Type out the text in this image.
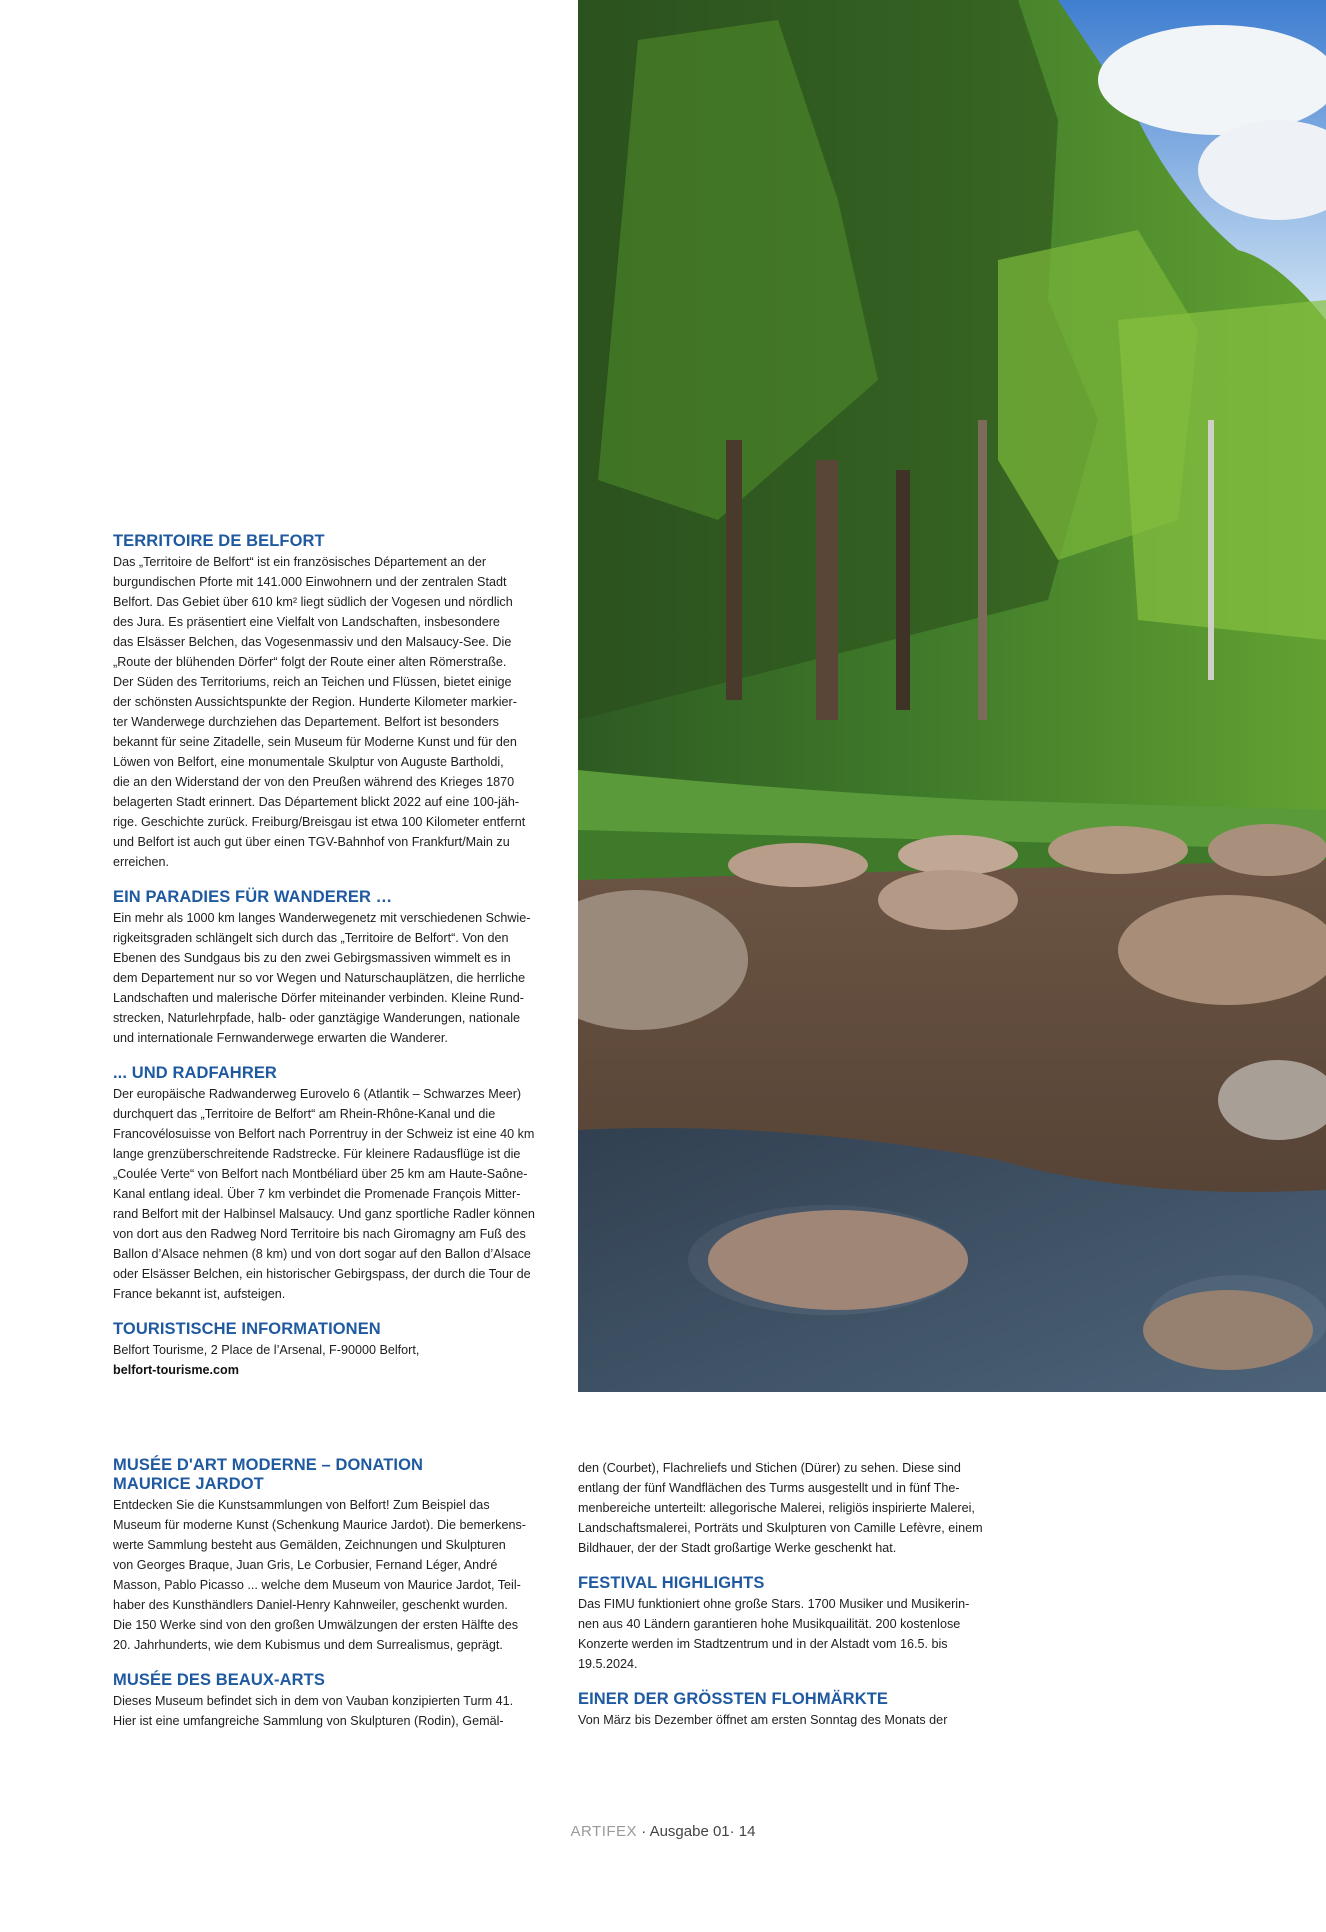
TERRITOIRE DE BELFORT

Das „Territoire de Belfort“ ist ein französisches Département an der
burgundischen Pforte mit 141.000 Einwohnern und der zentralen Stadt
Belfort. Das Gebiet über 610 km² liegt südlich der Vogesen und nördlich
des Jura. Es präsentiert eine Vielfalt von Landschaften, insbesondere
das Elsässer Belchen, das Vogesenmassiv und den Malsaucy-See. Die
„Route der blühenden Dörfer“ folgt der Route einer alten Römerstraße.
Der Süden des Territoriums, reich an Teichen und Flüssen, bietet einige
der schönsten Aussichtspunkte der Region. Hunderte Kilometer markier-
ter Wanderwege durchziehen das Departement. Belfort ist besonders
bekannt für seine Zitadelle, sein Museum für Moderne Kunst und für den
Löwen von Belfort, eine monumentale Skulptur von Auguste Bartholdi,
die an den Widerstand der von den Preußen während des Krieges 1870
belagerten Stadt erinnert. Das Département blickt 2022 auf eine 100-jäh-
rige. Geschichte zurück. Freiburg/Breisgau ist etwa 100 Kilometer entfernt
und Belfort ist auch gut über einen TGV-Bahnhof von Frankfurt/Main zu
erreichen.

EIN PARADIES FÜR WANDERER …

Ein mehr als 1000 km langes Wanderwegenetz mit verschiedenen Schwie-
rigkeitsgraden schlängelt sich durch das „Territoire de Belfort“. Von den
Ebenen des Sundgaus bis zu den zwei Gebirgsmassiven wimmelt es in
dem Departement nur so vor Wegen und Naturschauplätzen, die herrliche
Landschaften und malerische Dörfer miteinander verbinden. Kleine Rund-
strecken, Naturlehrpfade, halb- oder ganztägige Wanderungen, nationale
und internationale Fernwanderwege erwarten die Wanderer.

... UND RADFAHRER

Der europäische Radwanderweg Eurovelo 6 (Atlantik – Schwarzes Meer)
durchquert das „Territoire de Belfort“ am Rhein-Rhône-Kanal und die
Francovélosuisse von Belfort nach Porrentruy in der Schweiz ist eine 40 km
lange grenzüberschreitende Radstrecke. Für kleinere Radausflüge ist die
„Coulée Verte“ von Belfort nach Montbéliard über 25 km am Haute-Saône-
Kanal entlang ideal. Über 7 km verbindet die Promenade François Mitter-
rand Belfort mit der Halbinsel Malsaucy. Und ganz sportliche Radler können
von dort aus den Radweg Nord Territoire bis nach Giromagny am Fuß des
Ballon d’Alsace nehmen (8 km) und von dort sogar auf den Ballon d’Alsace
oder Elsässer Belchen, ein historischer Gebirgspass, der durch die Tour de
France bekannt ist, aufsteigen.

TOURISTISCHE INFORMATIONEN

Belfort Tourisme, 2 Place de l’Arsenal, F-90000 Belfort,

belfort-tourisme.com

MUSÉE D'ART MODERNE – DONATION
MAURICE JARDOT

Entdecken Sie die Kunstsammlungen von Belfort! Zum Beispiel das
Museum für moderne Kunst (Schenkung Maurice Jardot). Die bemerkens-
werte Sammlung besteht aus Gemälden, Zeichnungen und Skulpturen
von Georges Braque, Juan Gris, Le Corbusier, Fernand Léger, André
Masson, Pablo Picasso ... welche dem Museum von Maurice Jardot, Teil-
haber des Kunsthändlers Daniel-Henry Kahnweiler, geschenkt wurden.
Die 150 Werke sind von den großen Umwälzungen der ersten Hälfte des
20. Jahrhunderts, wie dem Kubismus und dem Surrealismus, geprägt.

MUSÉE DES BEAUX-ARTS

Dieses Museum befindet sich in dem von Vauban konzipierten Turm 41.
Hier ist eine umfangreiche Sammlung von Skulpturen (Rodin), Gemäl-

den (Courbet), Flachreliefs und Stichen (Dürer) zu sehen. Diese sind
entlang der fünf Wandflächen des Turms ausgestellt und in fünf The-
menbereiche unterteilt: allegorische Malerei, religiös inspirierte Malerei,
Landschaftsmalerei, Porträts und Skulpturen von Camille Lefèvre, einem
Bildhauer, der der Stadt großartige Werke geschenkt hat.

FESTIVAL HIGHLIGHTS

Das FIMU funktioniert ohne große Stars. 1700 Musiker und Musikerin-
nen aus 40 Ländern garantieren hohe Musikquailität. 200 kostenlose
Konzerte werden im Stadtzentrum und in der Alstadt vom 16.5. bis
19.5.2024.

EINER DER GRÖSSTEN FLOHMÄRKTE

Von März bis Dezember öffnet am ersten Sonntag des Monats der

ARTIFEX · Ausgabe 01· 14
